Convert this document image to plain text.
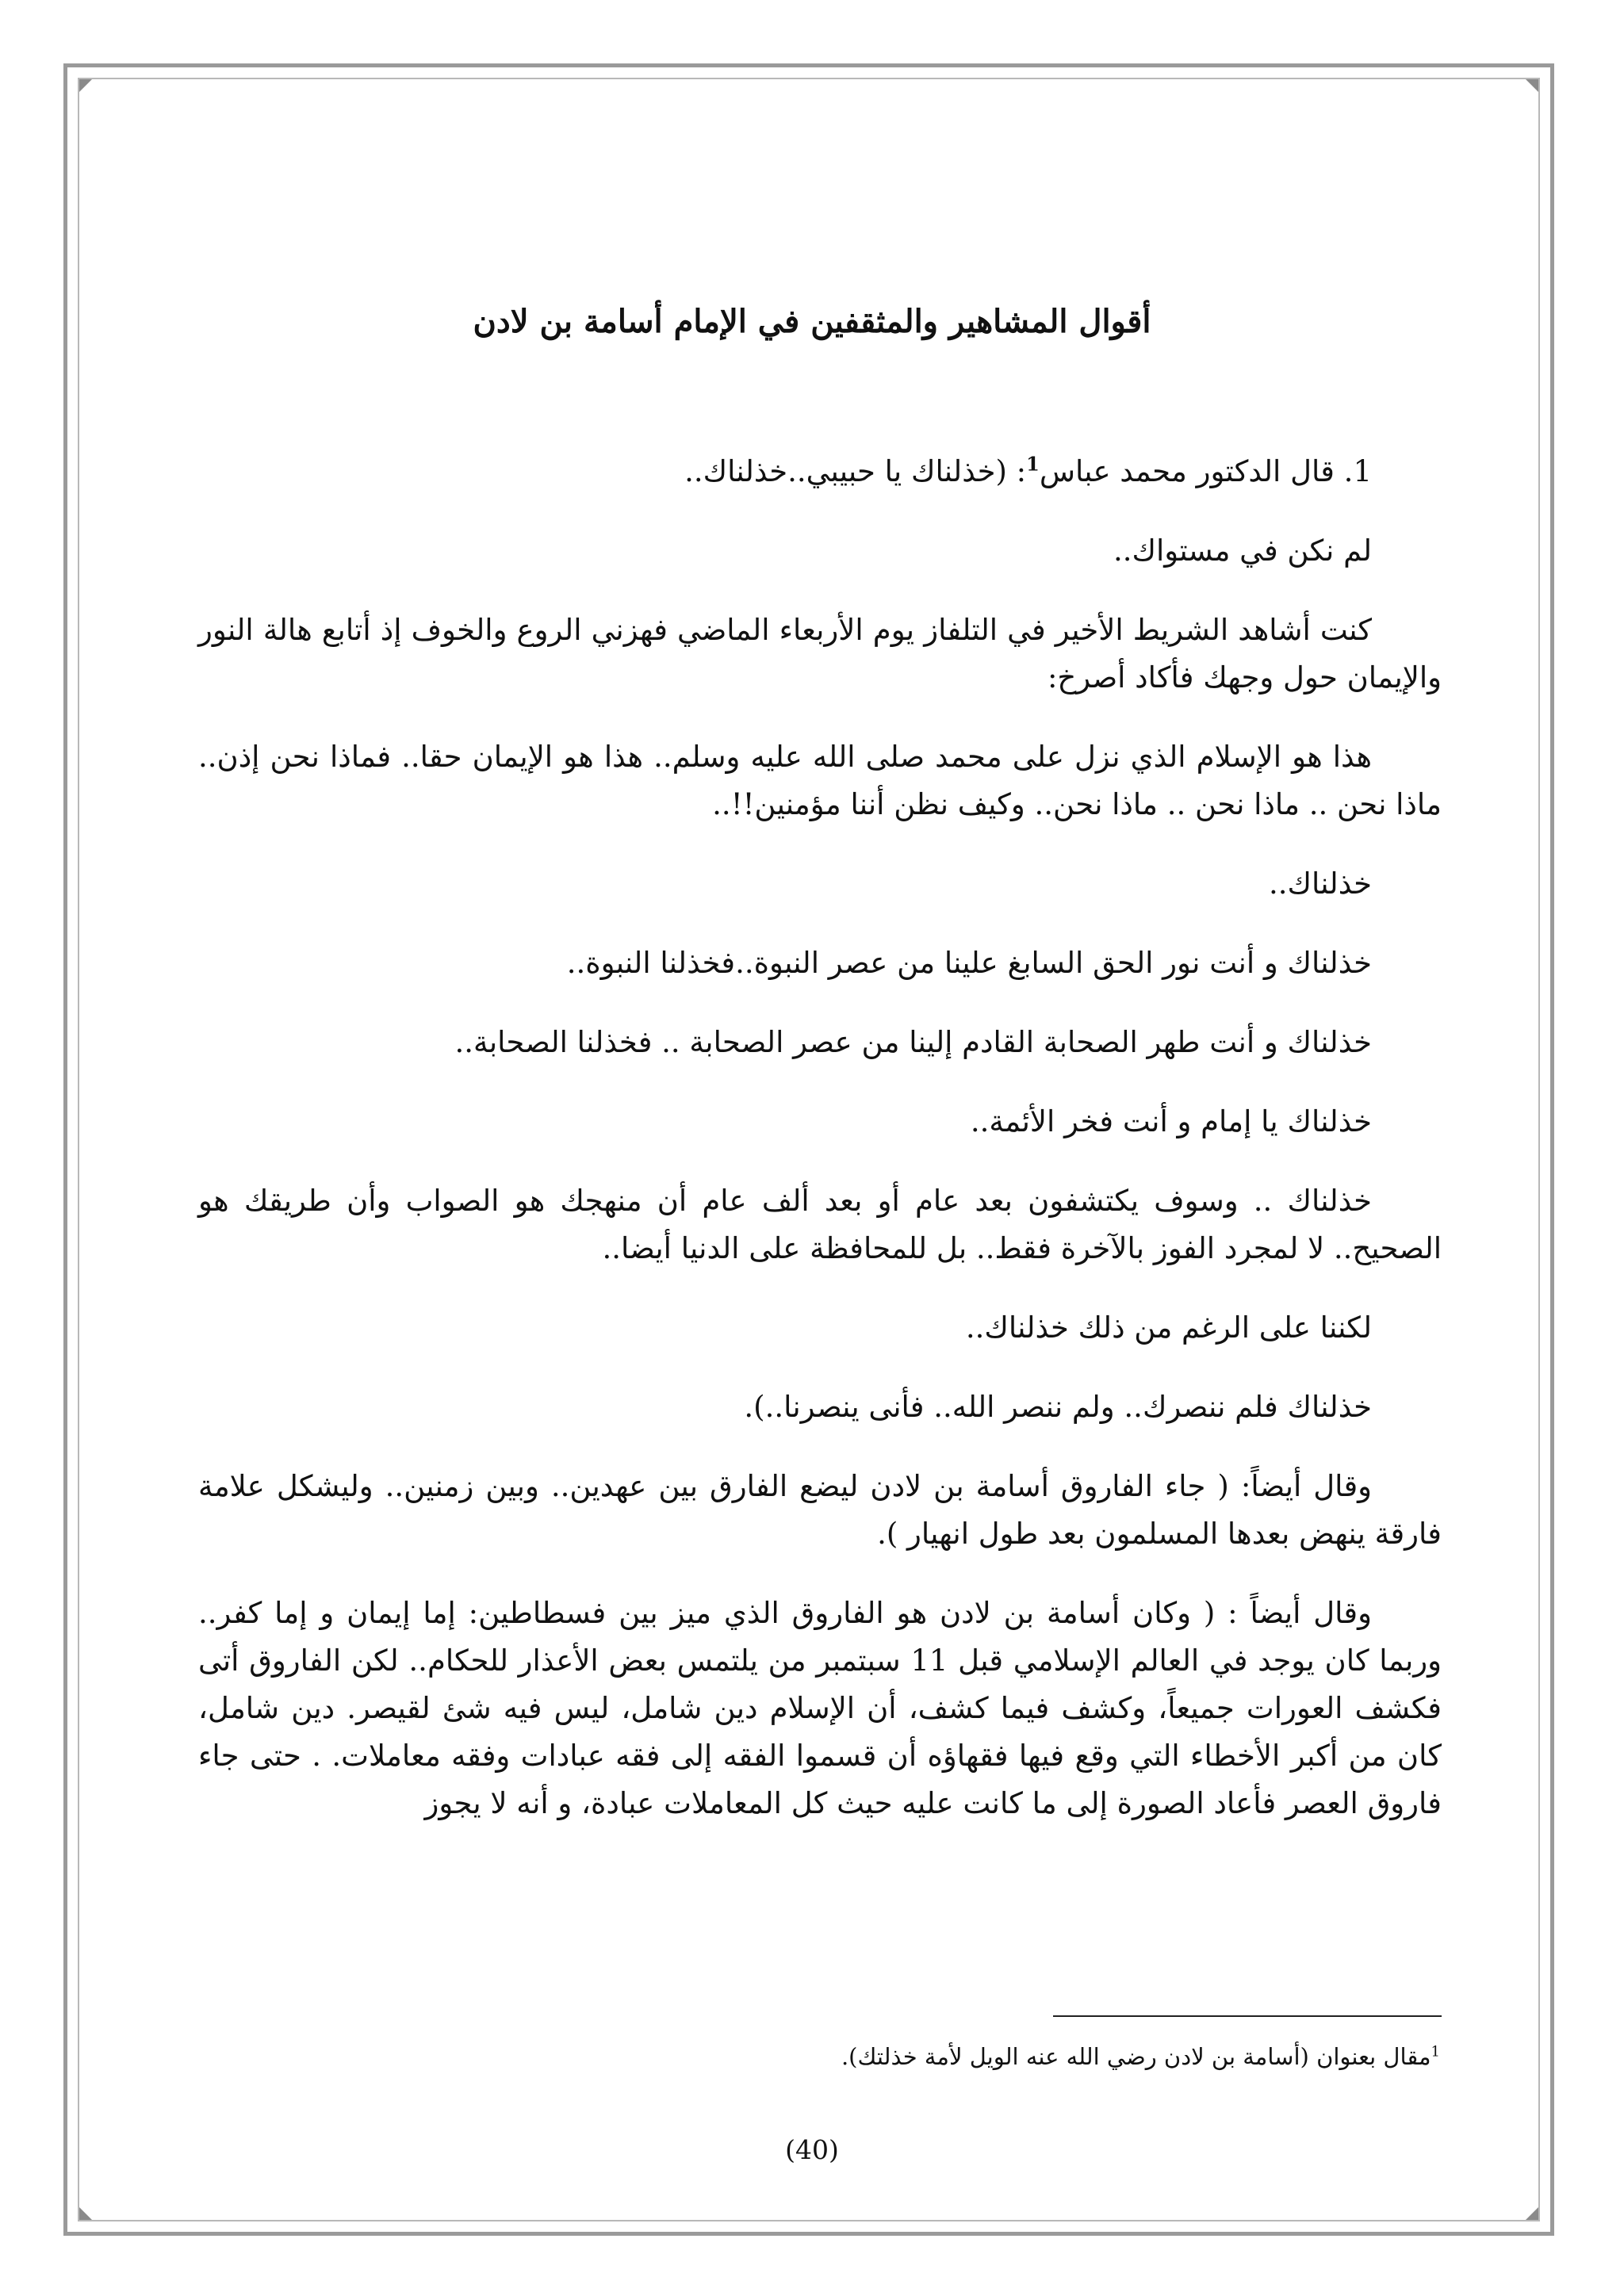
أقوال المشاهير والمثقفين في الإمام أسامة بن لادن

1. قال الدكتور محمد عباس$^1$: (خذلناك يا حبيبي..خذلناك..

لم نكن في مستواك..

كنت أشاهد الشريط الأخير في التلفاز يوم الأربعاء الماضي فهزني الروع والخوف إذ أتابع هالة النور والإيمان حول وجهك فأكاد أصرخ:

هذا هو الإسلام الذي نزل على محمد صلى الله عليه وسلم.. هذا هو الإيمان حقا.. فماذا نحن إذن.. ماذا نحن .. ماذا نحن .. ماذا نحن.. وكيف نظن أننا مؤمنين!!..

خذلناك..

خذلناك و أنت نور الحق السابغ علينا من عصر النبوة..فخذلنا النبوة..

خذلناك و أنت طهر الصحابة القادم إلينا من عصر الصحابة .. فخذلنا الصحابة..

خذلناك يا إمام و أنت فخر الأئمة..

خذلناك .. وسوف يكتشفون بعد عام أو بعد ألف عام أن منهجك هو الصواب وأن طريقك هو الصحيح.. لا لمجرد الفوز بالآخرة فقط.. بل للمحافظة على الدنيا أيضا..

لكننا على الرغم من ذلك خذلناك..

خذلناك فلم ننصرك.. ولم ننصر الله.. فأنى ينصرنا..).

وقال أيضاً: ( جاء الفاروق أسامة بن لادن ليضع الفارق بين عهدين.. وبين زمنين.. وليشكل علامة فارقة ينهض بعدها المسلمون بعد طول انهيار ).

وقال أيضاً : ( وكان أسامة بن لادن هو الفاروق الذي ميز بين فسطاطين: إما إيمان و إما كفر.. وربما كان يوجد في العالم الإسلامي قبل 11 سبتمبر من يلتمس بعض الأعذار للحكام.. لكن الفاروق أتى فكشف العورات جميعاً، وكشف فيما كشف، أن الإسلام دين شامل، ليس فيه شئ لقيصر. دين شامل، كان من أكبر الأخطاء التي وقع فيها فقهاؤه أن قسموا الفقه إلى فقه عبادات وفقه معاملات. . حتى جاء فاروق العصر فأعاد الصورة إلى ما كانت عليه حيث كل المعاملات عبادة، و أنه لا يجوز

$^1$مقال بعنوان (أسامة بن لادن رضي الله عنه الويل لأمة خذلتك).
(40)
